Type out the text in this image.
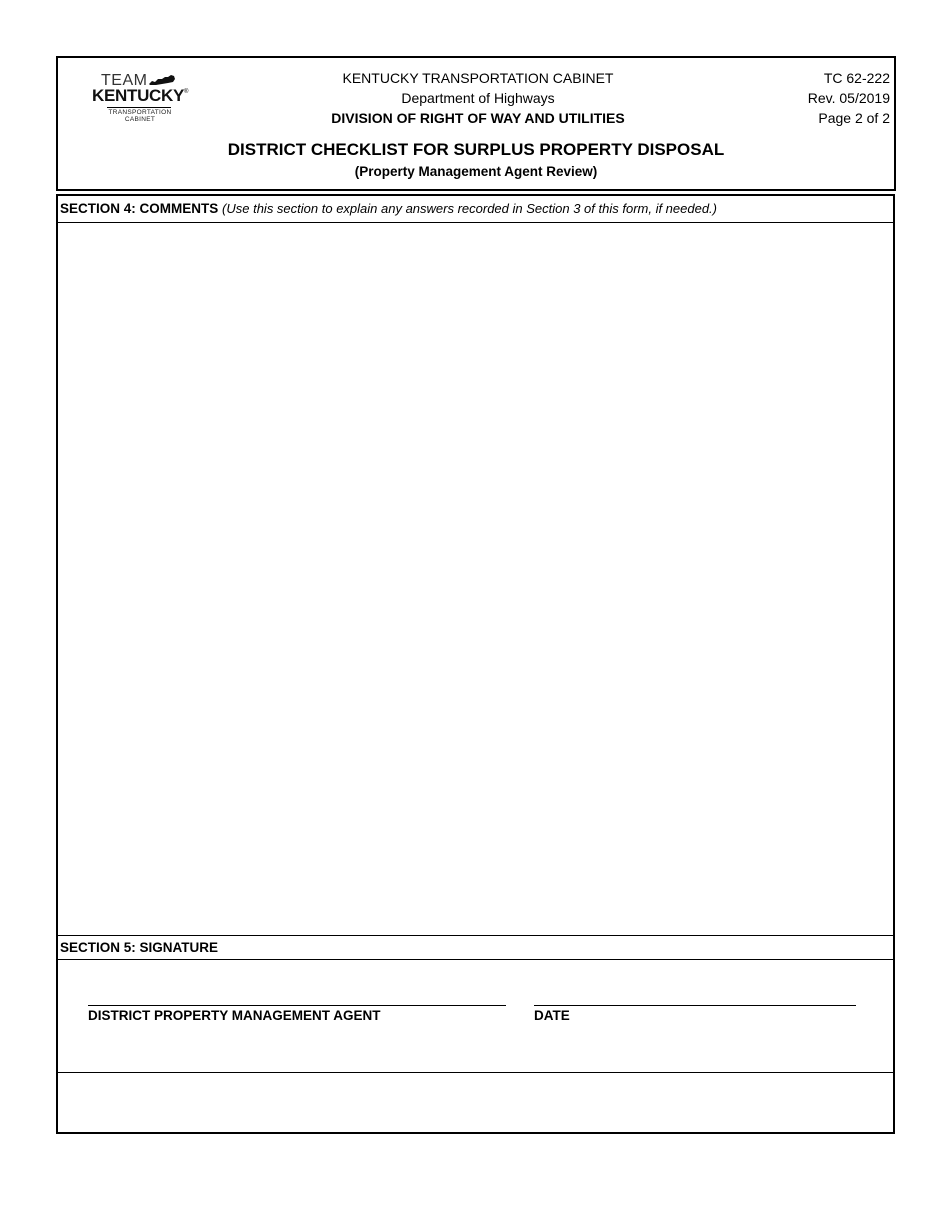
TEAM
KENTUCKY ®
TRANSPORTATION
CABINET
KENTUCKY TRANSPORTATION CABINET
Department of Highways
DIVISION OF RIGHT OF WAY AND UTILITIES
TC 62-222
Rev. 05/2019
Page 2 of 2
DISTRICT CHECKLIST FOR SURPLUS PROPERTY DISPOSAL
(Property Management Agent Review)
SECTION 4: COMMENTS (Use this section to explain any answers recorded in Section 3 of this form, if needed.)
SECTION 5: SIGNATURE
DISTRICT PROPERTY MANAGEMENT AGENT	DATE
